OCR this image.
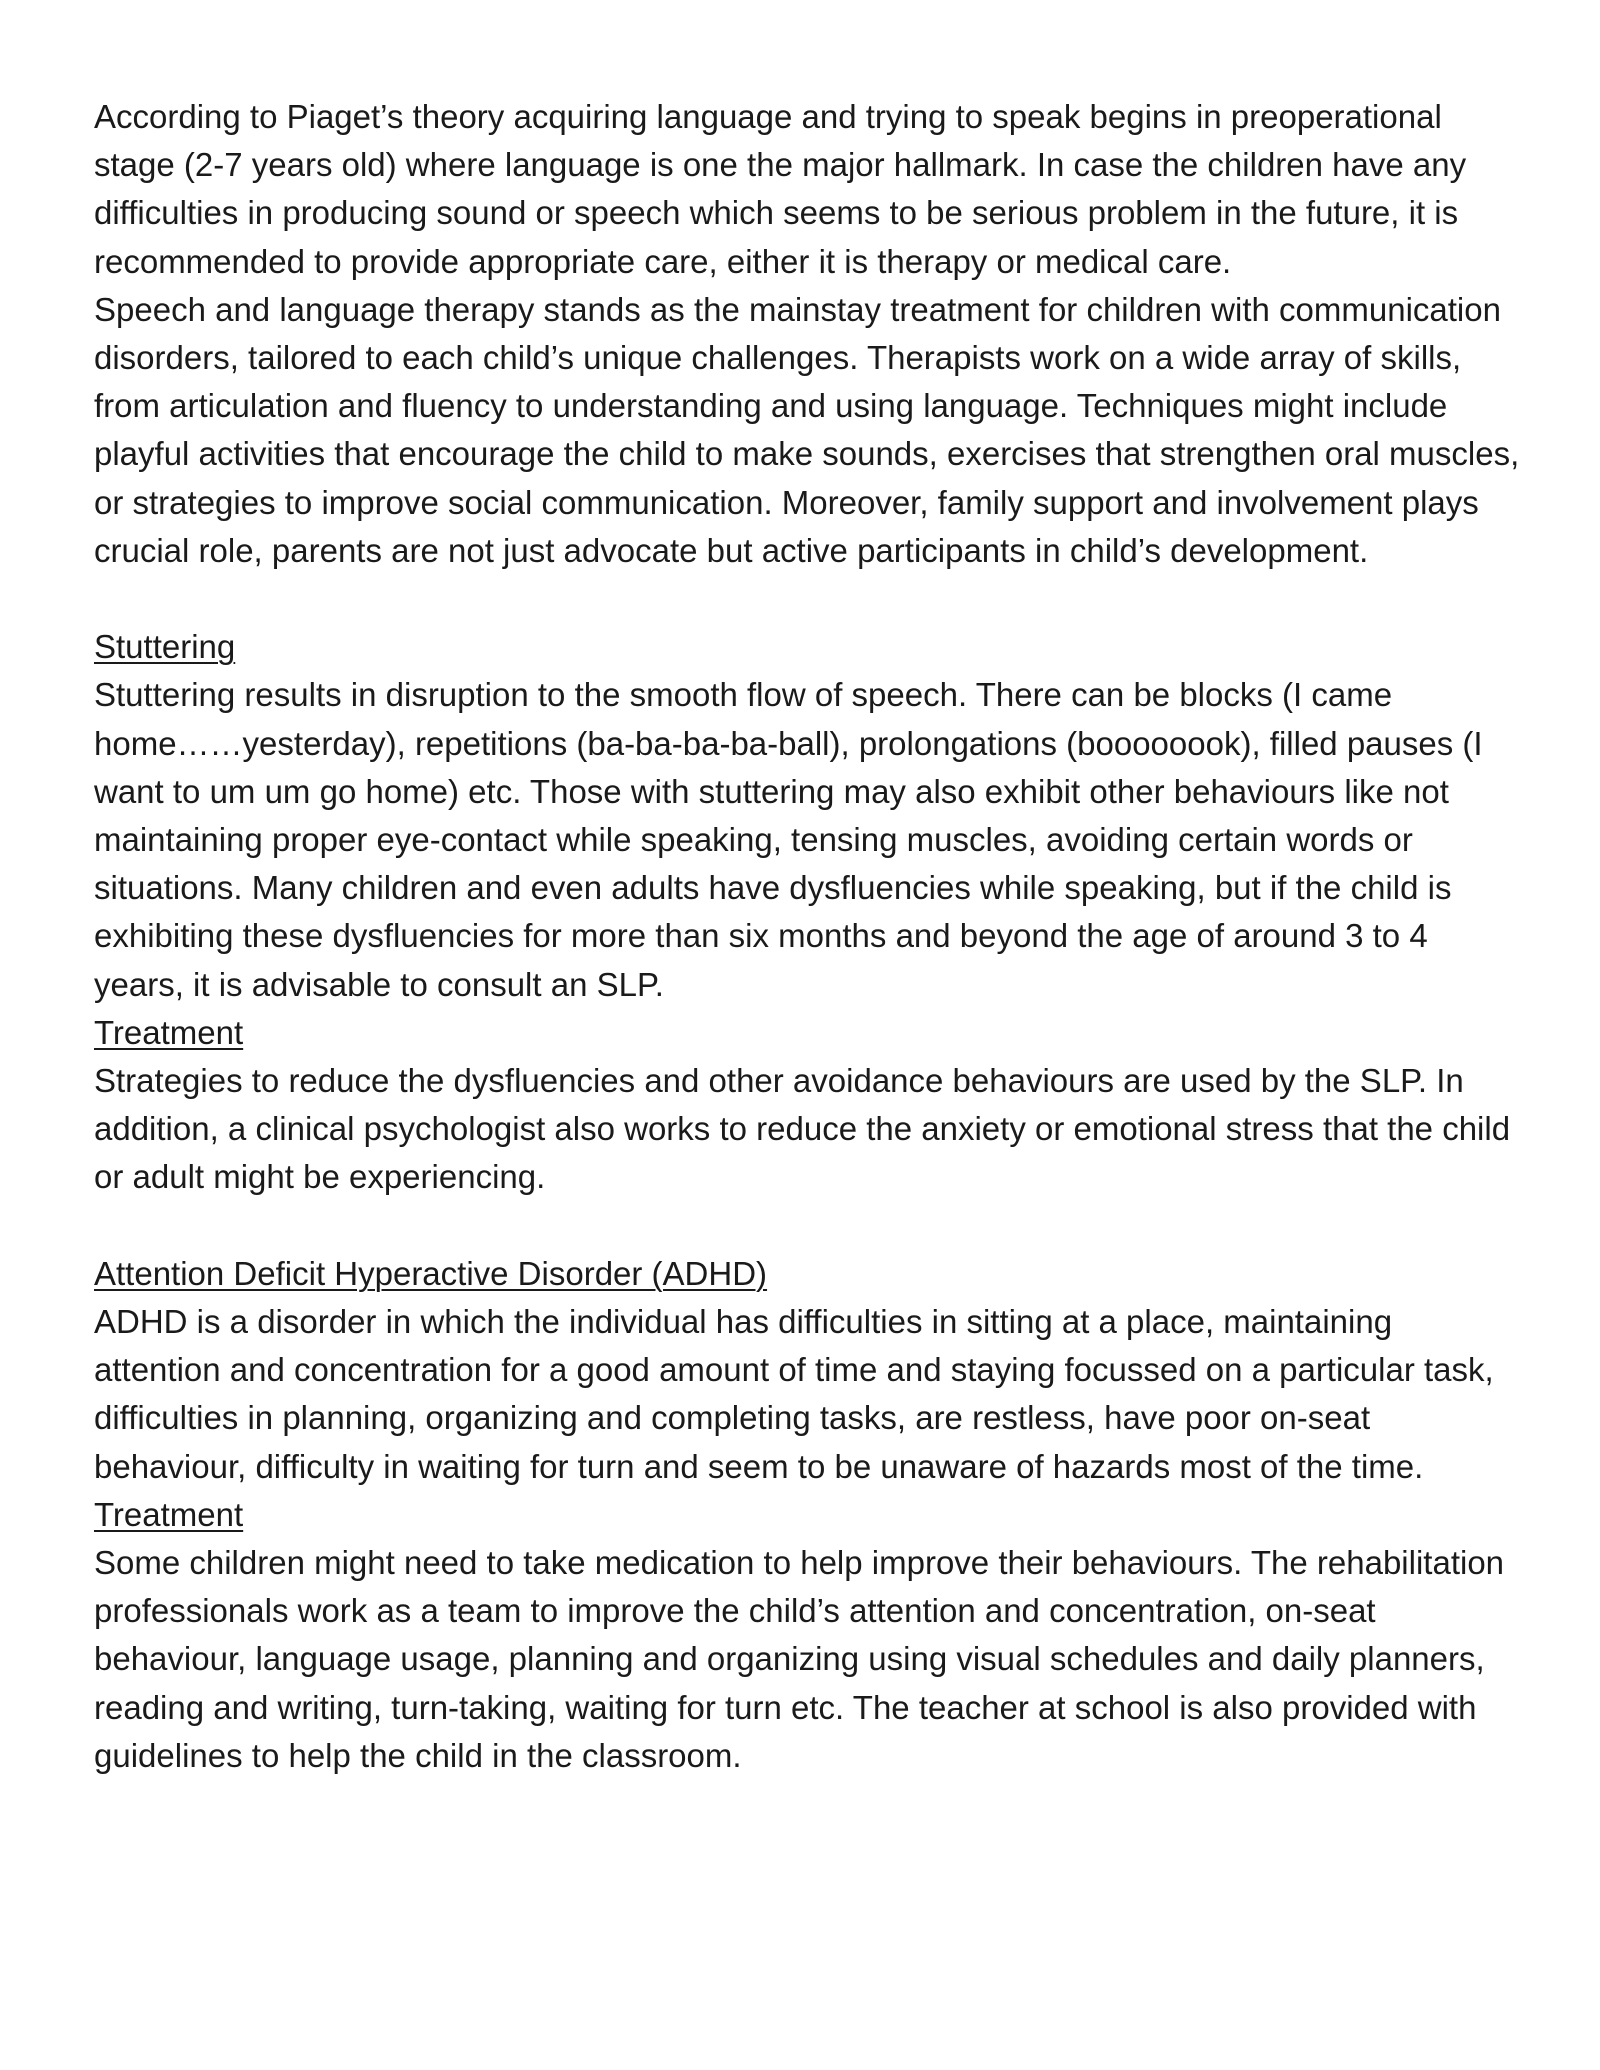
According to Piaget’s theory acquiring language and trying to speak begins in preoperational stage (2-7 years old) where language is one the major hallmark. In case the children have any difficulties in producing sound or speech which seems to be serious problem in the future, it is recommended to provide appropriate care, either it is therapy or medical care.

Speech and language therapy stands as the mainstay treatment for children with communication disorders, tailored to each child’s unique challenges. Therapists work on a wide array of skills, from articulation and fluency to understanding and using language. Techniques might include playful activities that encourage the child to make sounds, exercises that strengthen oral muscles, or strategies to improve social communication. Moreover, family support and involvement plays crucial role, parents are not just advocate but active participants in child’s development.

Stuttering

Stuttering results in disruption to the smooth flow of speech. There can be blocks (I came home……yesterday), repetitions (ba-ba-ba-ba-ball), prolongations (boooooook), filled pauses (I want to um um go home) etc. Those with stuttering may also exhibit other behaviours like not maintaining proper eye-contact while speaking, tensing muscles, avoiding certain words or situations. Many children and even adults have dysfluencies while speaking, but if the child is exhibiting these dysfluencies for more than six months and beyond the age of around 3 to 4 years, it is advisable to consult an SLP.

Treatment

Strategies to reduce the dysfluencies and other avoidance behaviours are used by the SLP. In addition, a clinical psychologist also works to reduce the anxiety or emotional stress that the child or adult might be experiencing.

Attention Deficit Hyperactive Disorder (ADHD)

ADHD is a disorder in which the individual has difficulties in sitting at a place, maintaining attention and concentration for a good amount of time and staying focussed on a particular task, difficulties in planning, organizing and completing tasks, are restless, have poor on-seat behaviour, difficulty in waiting for turn and seem to be unaware of hazards most of the time.

Treatment

Some children might need to take medication to help improve their behaviours. The rehabilitation professionals work as a team to improve the child’s attention and concentration, on-seat behaviour, language usage, planning and organizing using visual schedules and daily planners, reading and writing, turn-taking, waiting for turn etc. The teacher at school is also provided with guidelines to help the child in the classroom.
